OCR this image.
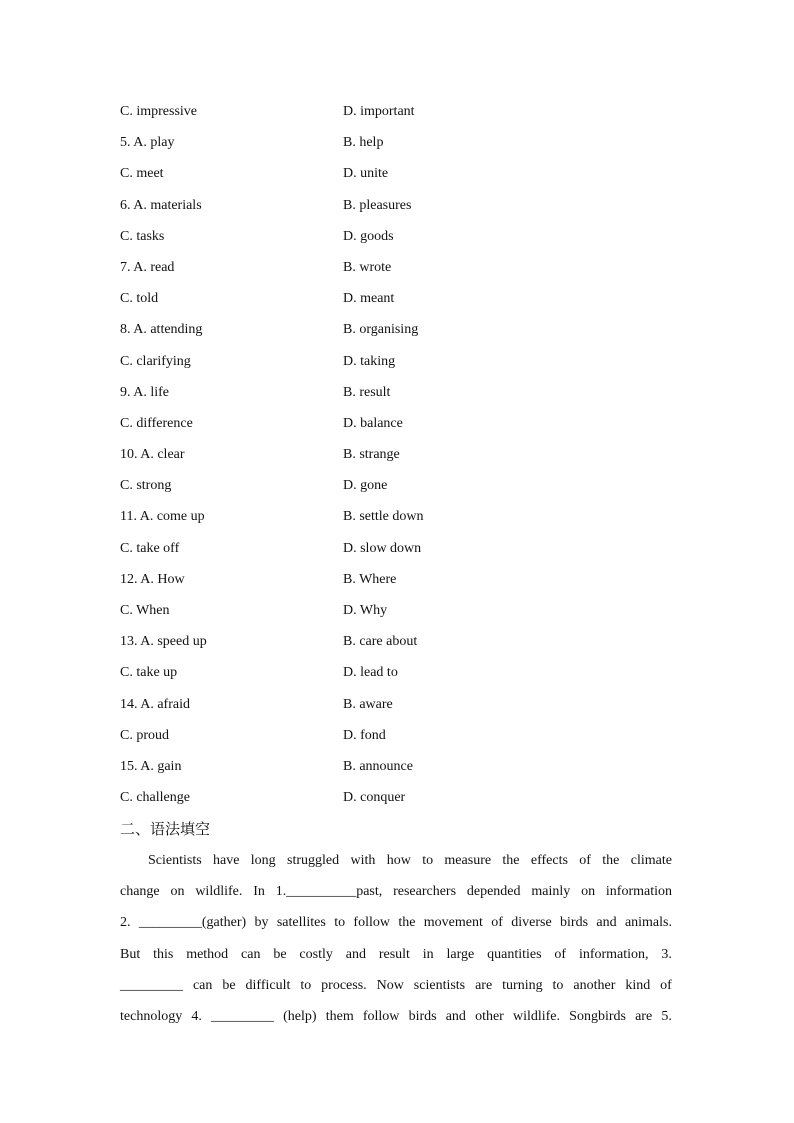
C. impressive	D. important
5. A. play	B. help
C. meet	D. unite
6. A. materials	B. pleasures
C. tasks	D. goods
7. A. read	B. wrote
C. told	D. meant
8. A. attending	B. organising
C. clarifying	D. taking
9. A. life	B. result
C. difference	D. balance
10. A. clear	B. strange
C. strong	D. gone
11. A. come up	B. settle down
C. take off	D. slow down
12. A. How	B. Where
C. When	D. Why
13. A. speed up	B. care about
C. take up	D. lead to
14. A. afraid	B. aware
C. proud	D. fond
15. A. gain	B. announce
C. challenge	D. conquer
二、语法填空
Scientists have long struggled with how to measure the effects of the climate
change on wildlife. In 1.__________past, researchers depended mainly on information
2. _________(gather) by satellites to follow the movement of diverse birds and animals.
But this method can be costly and result in large quantities of information, 3.
_________ can be difficult to process. Now scientists are turning to another kind of
technology 4. _________ (help) them follow birds and other wildlife. Songbirds are 5.
